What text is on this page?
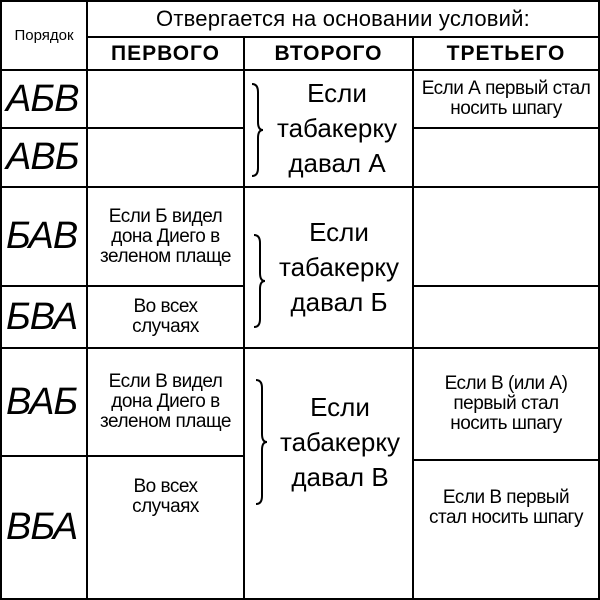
Порядок
Отвергается на основании условий:
ПЕРВОГО	ВТОРОГО	ТРЕТЬЕГО
АБВ
АВБ
БАВ
БВА
ВАБ
ВБА
Если Б видел дона Диего в зеленом плаще
Во всех случаях
Если В видел дона Диего в зеленом плаще
Во всех случаях
Если табакерку давал А
Если табакерку давал Б
Если табакерку давал В
Если А первый стал носить шпагу
Если В (или А) первый стал носить шпагу
Если В первый стал носить шпагу
